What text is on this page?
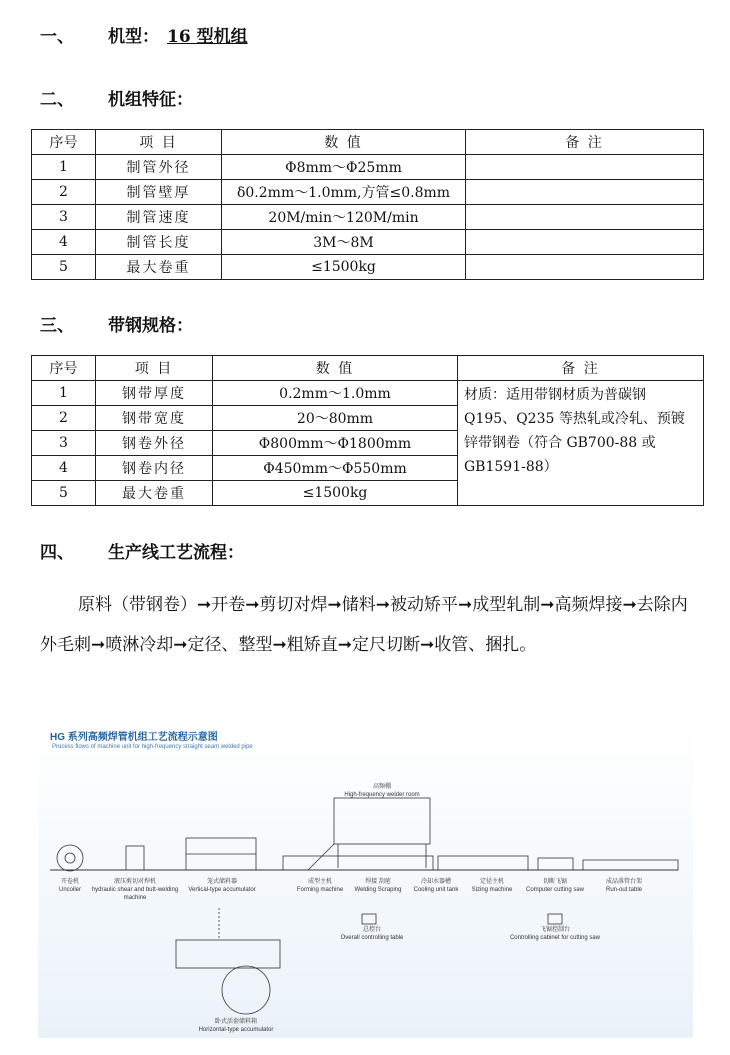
一、 机型： 16 型机组
二、 机组特征：
序号	项 目	数 值	备 注
1	制管外径	Φ8mm～Φ25mm	
2	制管壁厚	δ0.2mm～1.0mm,方管≤0.8mm	
3	制管速度	20M/min～120M/min	
4	制管长度	3M～8M	
5	最大卷重	≤1500kg	
三、 带钢规格：
序号	项 目	数 值	备 注
1	钢带厚度	0.2mm～1.0mm	材质：适用带钢材质为普碳钢 Q195、Q235 等热轧或冷轧、预镀锌带钢卷（符合 GB700-88 或 GB1591-88）
2	钢带宽度	20～80mm	
3	钢卷外径	Φ800mm～Φ1800mm	
4	钢卷内径	Φ450mm～Φ550mm	
5	最大卷重	≤1500kg	
四、 生产线工艺流程：
原料（带钢卷）➞开卷➞剪切对焊➞储料➞被动矫平➞成型轧制➞高频焊接➞去除内外毛刺➞喷淋冷却➞定径、整型➞粗矫直➞定尺切断➞收管、捆扎。
HG 系列高频焊管机组工艺流程示意图
Process flows of machine unit for high-frequency straight seam welded pipe
高频棚
High-frequency welder room
开卷机
Uncoiler
液压剪切对焊机
hydraulic shear and butt-welding machine
笼式储料器
Vertical-type accumulator
成型主机
Forming machine
焊接 刮疤
Welding Scraping
冷却水器槽
Cooling unit tank
定径主机
Sizing machine
切断飞锯
Computer cutting saw
成品落管台架
Run-out table
总控台
Overall controlling table
飞锯控制台
Controlling cabinet for cutting saw
卧式活套储料箱
Horizontal-type accumulator
